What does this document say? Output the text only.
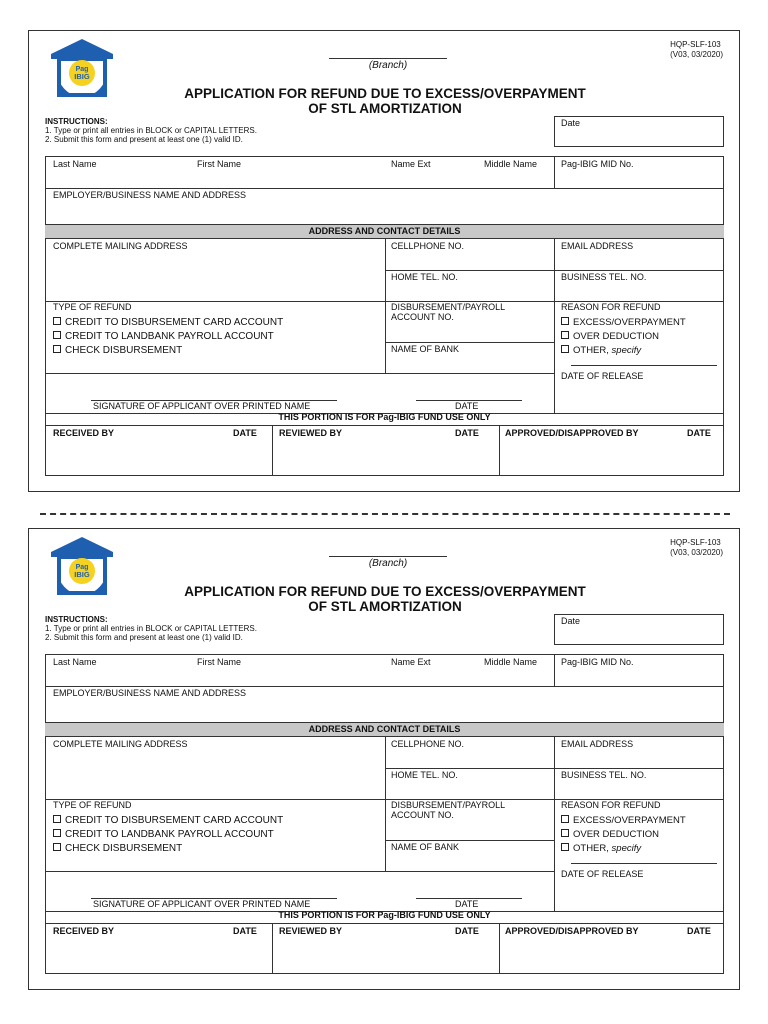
Pag
IBIG
(Branch)
HQP-SLF-103
(V03, 03/2020)
APPLICATION FOR REFUND DUE TO EXCESS/OVERPAYMENT
OF STL AMORTIZATION
INSTRUCTIONS:
1. Type or print all entries in BLOCK or CAPITAL LETTERS.
2. Submit this form and present at least one (1) valid ID.
Date
Last Name	First Name	Name Ext	Middle Name	Pag-IBIG MID No.
EMPLOYER/BUSINESS NAME AND ADDRESS
ADDRESS AND CONTACT DETAILS
COMPLETE MAILING ADDRESS	CELLPHONE NO.	EMAIL ADDRESS
HOME TEL. NO.	BUSINESS TEL. NO.
TYPE OF REFUND
CREDIT TO DISBURSEMENT CARD ACCOUNT
CREDIT TO LANDBANK PAYROLL ACCOUNT
CHECK DISBURSEMENT
DISBURSEMENT/PAYROLL
ACCOUNT NO.
NAME OF BANK
REASON FOR REFUND
EXCESS/OVERPAYMENT
OVER DEDUCTION
OTHER, specify
DATE OF RELEASE
SIGNATURE OF APPLICANT OVER PRINTED NAME	DATE
THIS PORTION IS FOR Pag-IBIG FUND USE ONLY
RECEIVED BY	DATE REVIEWED BY	DATE	APPROVED/DISAPPROVED BY	DATE
Pag
IBIG
(Branch)
HQP-SLF-103
(V03, 03/2020)
APPLICATION FOR REFUND DUE TO EXCESS/OVERPAYMENT
OF STL AMORTIZATION
INSTRUCTIONS:
1. Type or print all entries in BLOCK or CAPITAL LETTERS.
2. Submit this form and present at least one (1) valid ID.
Date
Last Name	First Name	Name Ext	Middle Name	Pag-IBIG MID No.
EMPLOYER/BUSINESS NAME AND ADDRESS
ADDRESS AND CONTACT DETAILS
COMPLETE MAILING ADDRESS	CELLPHONE NO.	EMAIL ADDRESS
HOME TEL. NO.	BUSINESS TEL. NO.
TYPE OF REFUND
CREDIT TO DISBURSEMENT CARD ACCOUNT
CREDIT TO LANDBANK PAYROLL ACCOUNT
CHECK DISBURSEMENT
DISBURSEMENT/PAYROLL
ACCOUNT NO.
NAME OF BANK
REASON FOR REFUND
EXCESS/OVERPAYMENT
OVER DEDUCTION
OTHER, specify
DATE OF RELEASE
SIGNATURE OF APPLICANT OVER PRINTED NAME	DATE
THIS PORTION IS FOR Pag-IBIG FUND USE ONLY
RECEIVED BY	DATE REVIEWED BY	DATE	APPROVED/DISAPPROVED BY	DATE
